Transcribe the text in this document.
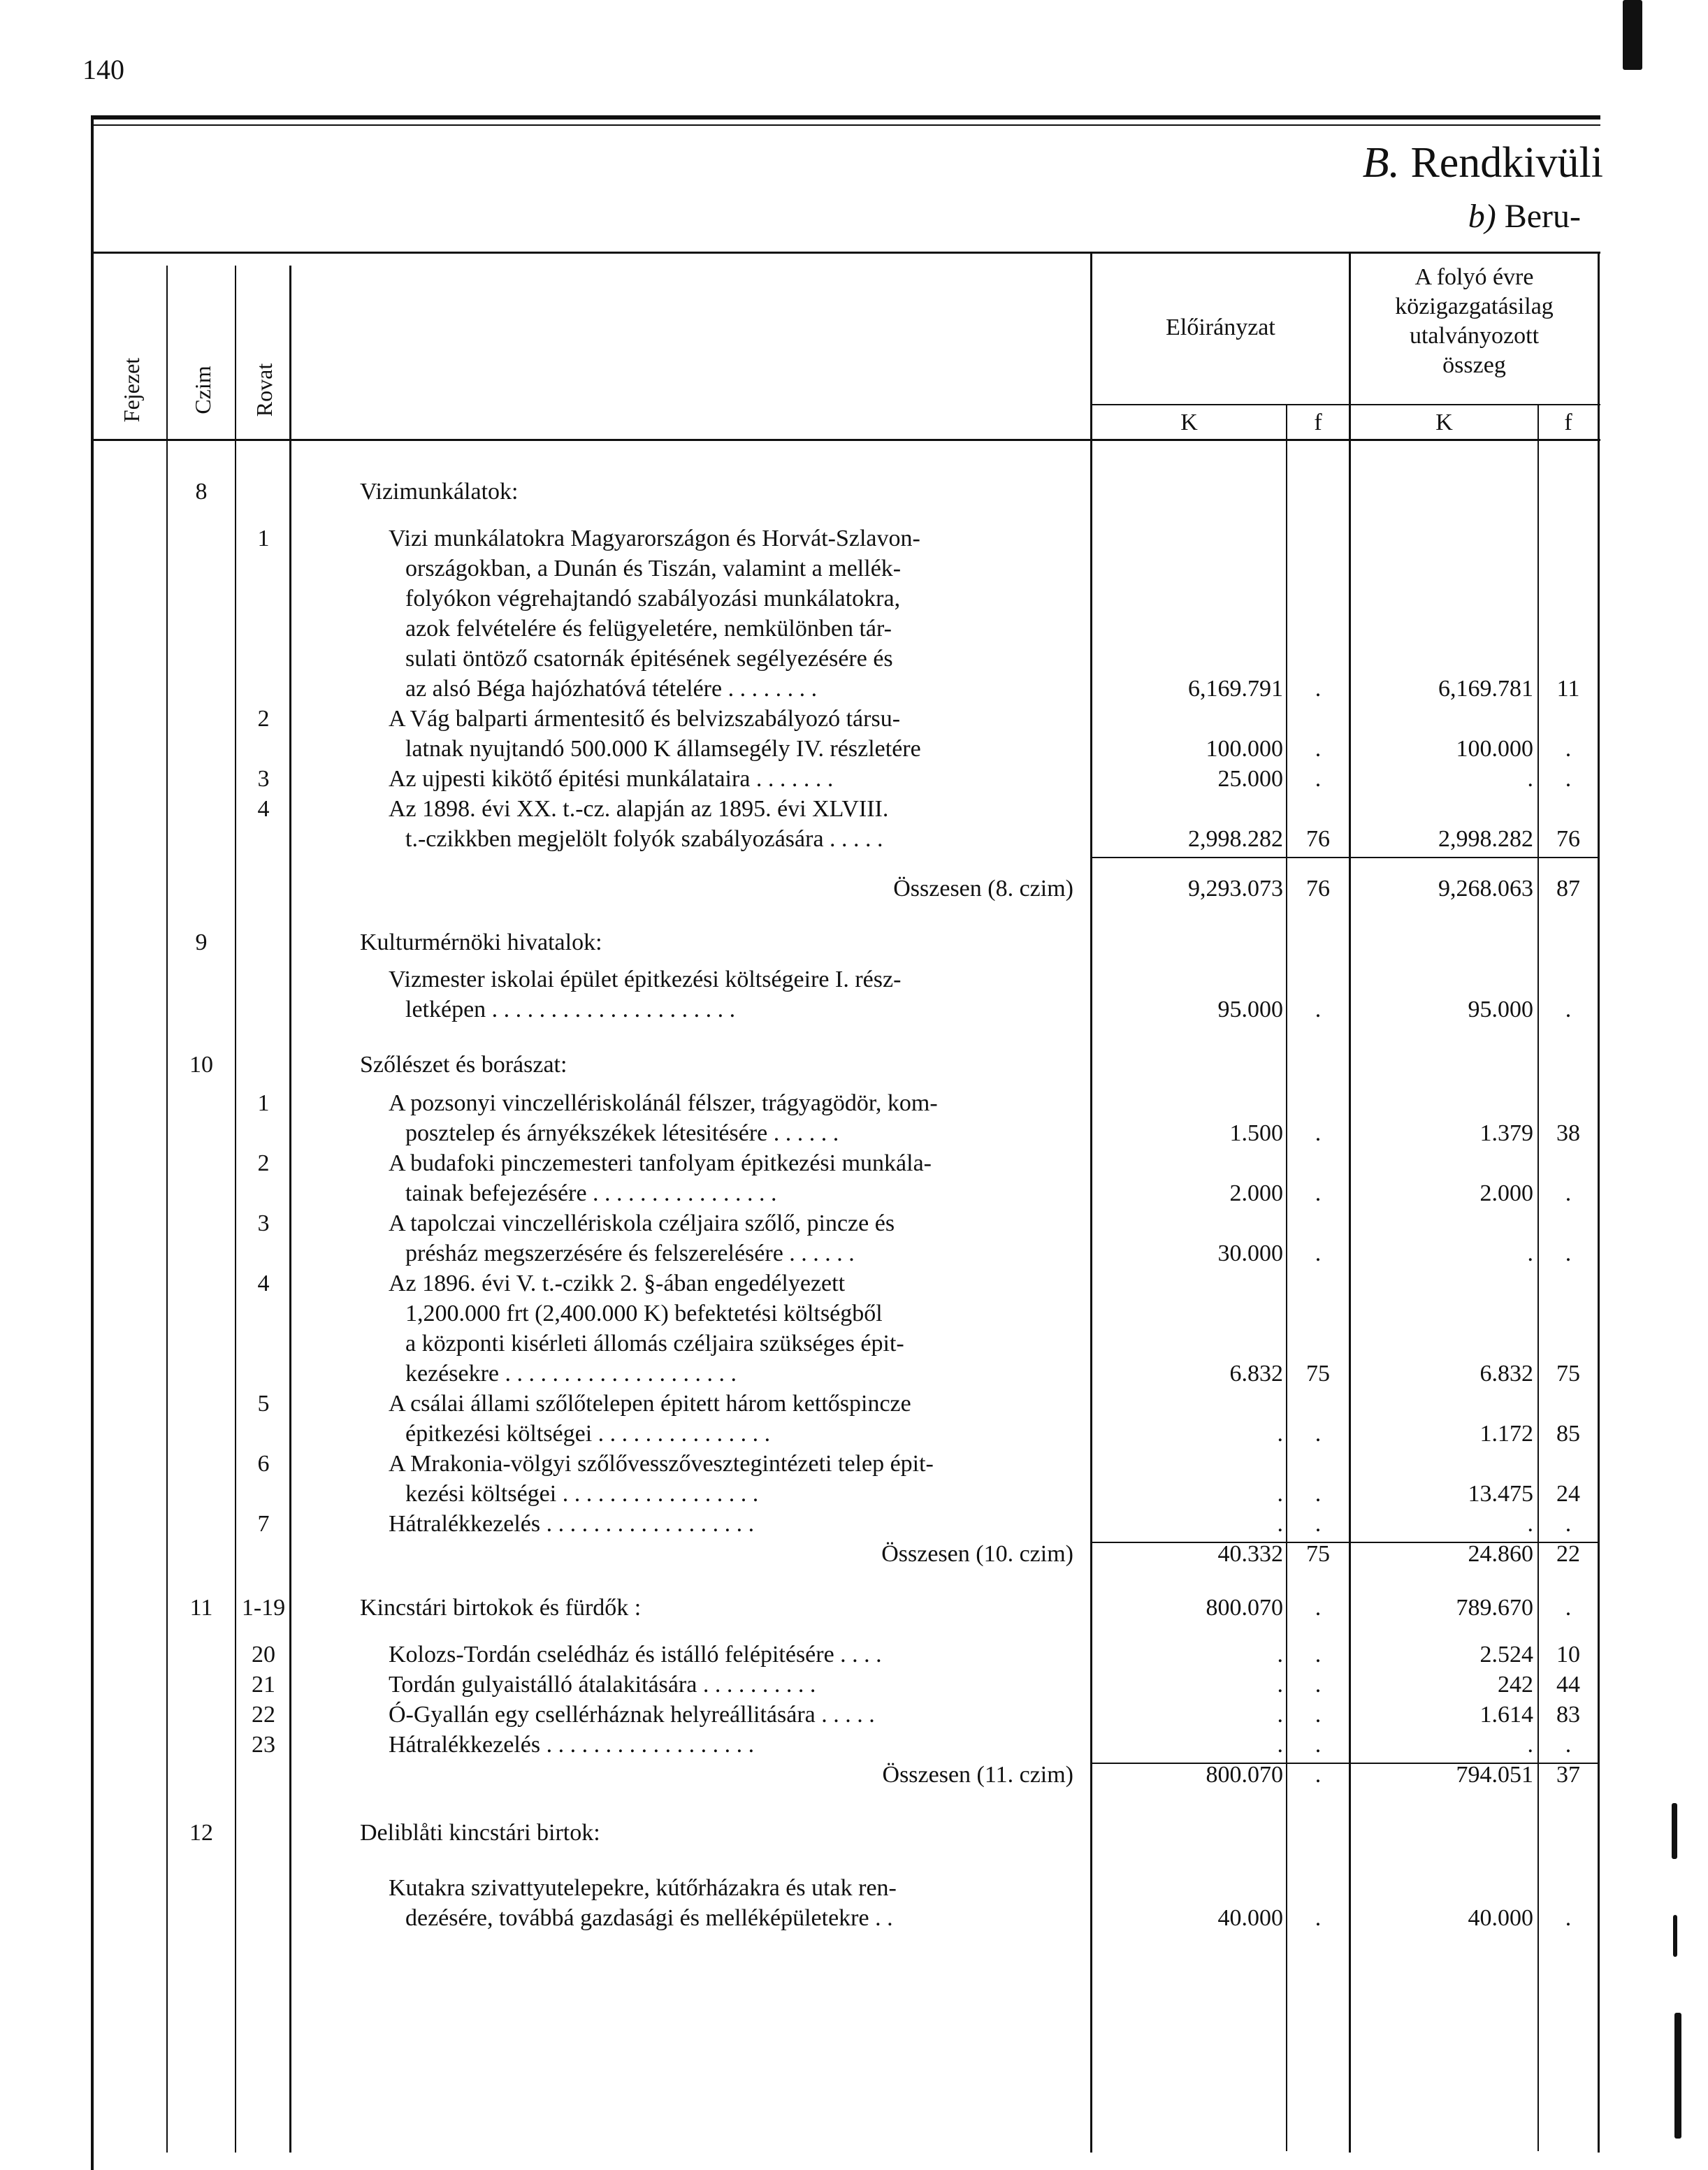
140
B. Rendkivüli
b) Beru-
Fejezet Czim Rovat
Előirányzat
A folyó évre
közigazgatásilag
utalványozott
összeg
K	f	K	f
8	Vizimunkálatok:
1	Vizi munkálatokra Magyarországon és Horvát-Szlavon-
országokban, a Dunán és Tiszán, valamint a mellék-
folyókon végrehajtandó szabályozási munkálatokra,
azok felvételére és felügyeletére, nemkülönben tár-
sulati öntöző csatornák épitésének segélyezésére és
az alsó Béga hajózhatóvá tételére . . . . . . . .	6,169.791	.	6,169.781 11
2	A Vág balparti ármentesitő és belvizszabályozó társu-
latnak nyujtandó 500.000 K államsegély IV. részletére	100.000	.	100.000	.
3	Az ujpesti kikötő épitési munkálataira . . . . . . .	25.000	.	.	.
4	Az 1898. évi XX. t.-cz. alapján az 1895. évi XLVIII.
t.-czikkben megjelölt folyók szabályozására . . . . .	2,998.282 76	2,998.282 76
Összesen (8. czim)	9,293.073 76	9,268.063 87
9	Kulturmérnöki hivatalok:
Vizmester iskolai épület épitkezési költségeire I. rész-
letképen . . . . . . . . . . . . . . . . . . . . .	95.000	.	95.000	.
10	Szőlészet és borászat:
1	A pozsonyi vinczellériskolánál félszer, trágyagödör, kom-
posztelep és árnyékszékek létesitésére . . . . . .	1.500	.	1.379 38
2	A budafoki pinczemesteri tanfolyam épitkezési munkála-
tainak befejezésére . . . . . . . . . . . . . . . .	2.000	.	2.000	.
3	A tapolczai vinczellériskola czéljaira szőlő, pincze és
présház megszerzésére és felszerelésére . . . . . .	30.000	.	.	.
4	Az 1896. évi V. t.-czikk 2. §-ában engedélyezett
1,200.000 frt (2,400.000 K) befektetési költségből
a központi kisérleti állomás czéljaira szükséges épit-
kezésekre . . . . . . . . . . . . . . . . . . . .	6.832 75	6.832 75
5	A csálai állami szőlőtelepen épitett három kettőspincze
épitkezési költségei . . . . . . . . . . . . . . .	.	.	1.172 85
6	A Mrakonia-völgyi szőlővesszővesztegintézeti telep épit-
kezési költségei . . . . . . . . . . . . . . . . .	.	.	13.475 24
7	Hátralékkezelés . . . . . . . . . . . . . . . . . .	.	.	.	.
Összesen (10. czim)	40.332 75	24.860 22
11	1-19	Kincstári birtokok és fürdők :	800.070	.	789.670	.
20	Kolozs-Tordán cselédház és istálló felépitésére . . . .	.	.	2.524 10
21	Tordán gulyaistálló átalakitására . . . . . . . . . .	.	.	242 44
22	Ó-Gyallán egy csellérháznak helyreállitására . . . . .	.	.	1.614 83
23	Hátralékkezelés . . . . . . . . . . . . . . . . . .	.	.	.	.
Összesen (11. czim)	800.070	.	794.051 37
12	Deliblåti kincstári birtok:
Kutakra szivattyutelepekre, kútőrházakra és utak ren-
dezésére, továbbá gazdasági és melléképületekre . .	40.000	.	40.000	.
